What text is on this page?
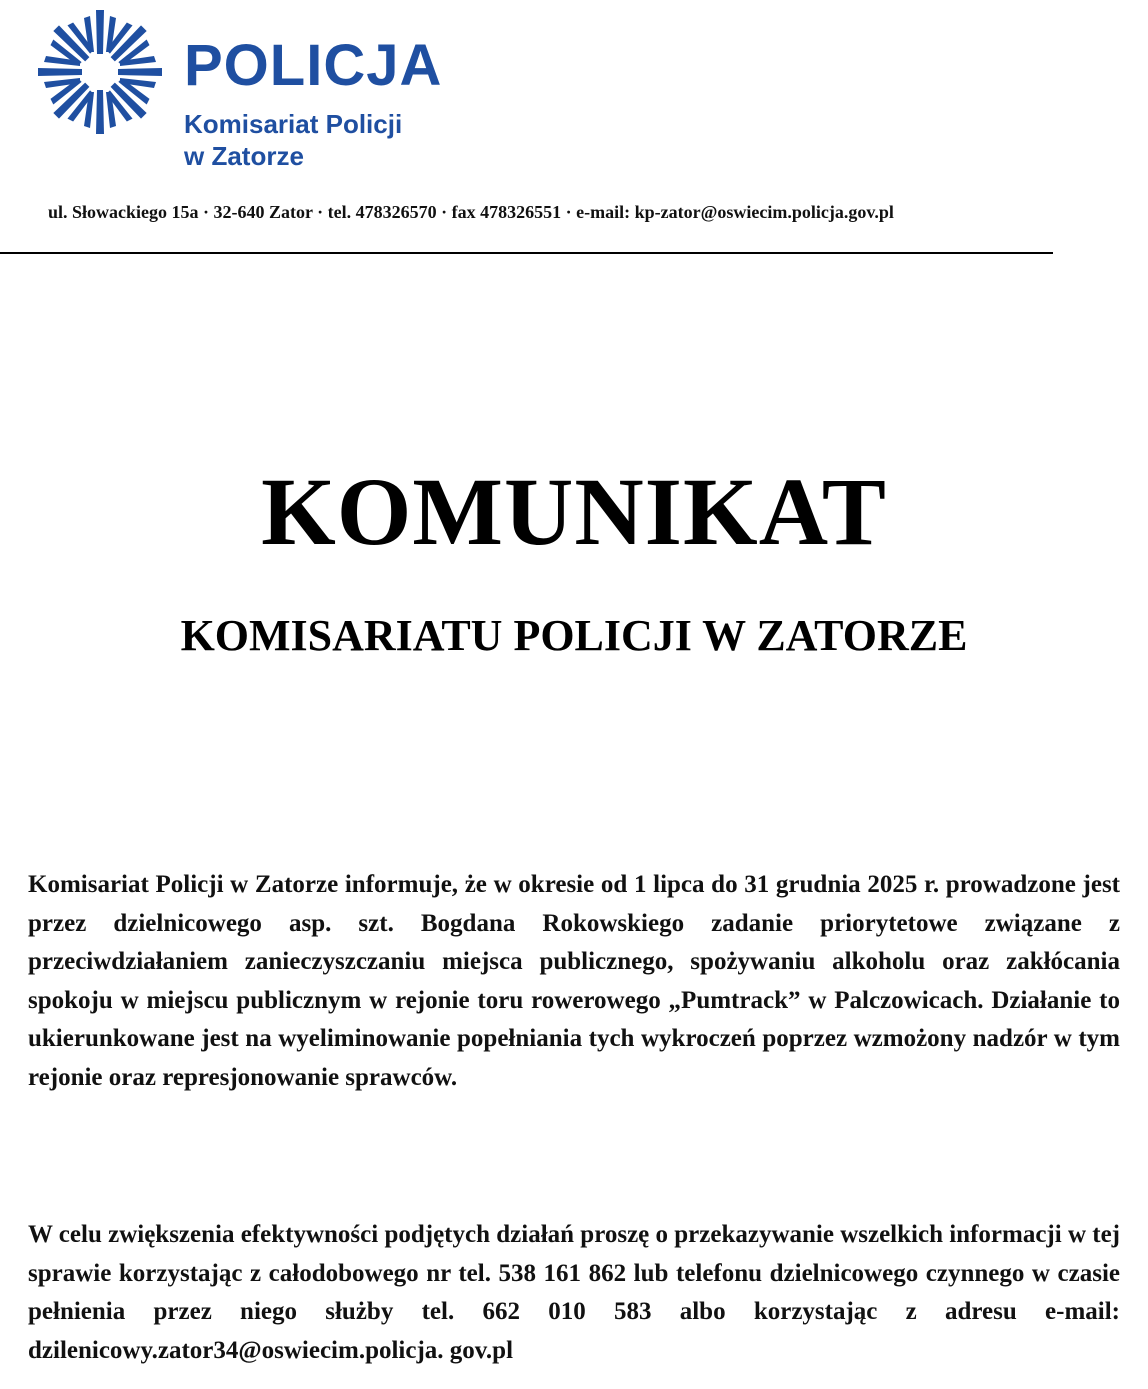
POLICJA
Komisariat Policji
w Zatorze
ul. Słowackiego 15a · 32-640 Zator · tel. 478326570 · fax 478326551 · e-mail: kp-zator@oswiecim.policja.gov.pl
KOMUNIKAT
KOMISARIATU POLICJI W ZATORZE
Komisariat Policji w Zatorze informuje, że w okresie od 1 lipca do 31 grudnia 2025 r. prowadzone jest przez dzielnicowego asp. szt. Bogdana Rokowskiego zadanie priorytetowe związane z przeciwdziałaniem zanieczyszczaniu miejsca publicznego, spożywaniu alkoholu oraz zakłócania spokoju w miejscu publicznym w rejonie toru rowerowego „Pumtrack” w Palczowicach. Działanie to ukierunkowane jest na wyeliminowanie popełniania tych wykroczeń poprzez wzmożony nadzór w tym rejonie oraz represjonowanie sprawców.
W celu zwiększenia efektywności podjętych działań proszę o przekazywanie wszelkich informacji w tej sprawie korzystając z całodobowego nr tel. 538 161 862 lub telefonu dzielnicowego czynnego w czasie pełnienia przez niego służby tel. 662 010 583 albo korzystając z adresu e-mail: dzilenicowy.zator34@oswiecim.policja. gov.pl
